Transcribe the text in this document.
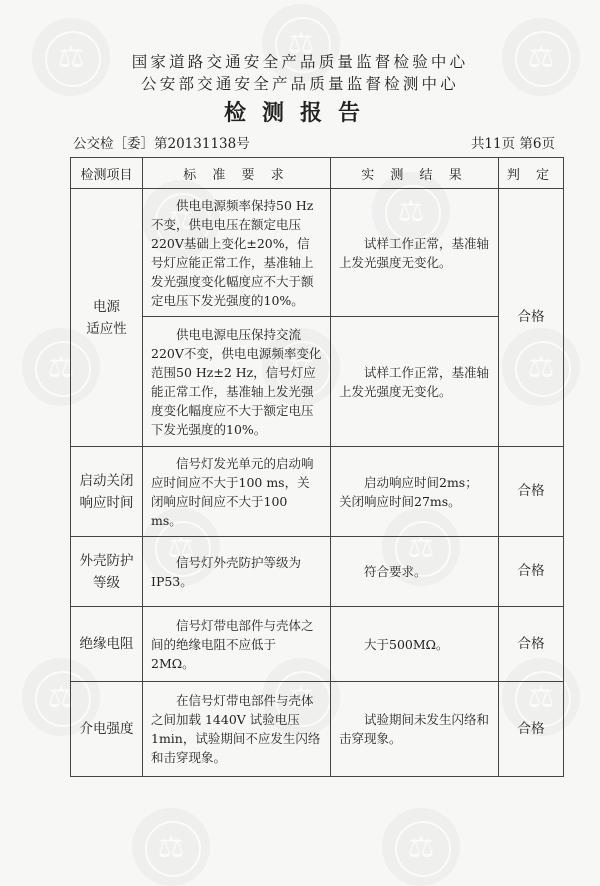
⚖
⚖
⚖
⚖
⚖
⚖
⚖
⚖
⚖
⚖
⚖
⚖
⚖
⚖
⚖
国家道路交通安全产品质量监督检验中心
公安部交通安全产品质量监督检测中心
检测报告
公交检［委］第20131138号	共11页 第6页
检测项目	标 准 要 求	实 测 结 果	判 定
电源
适应性	供电电源频率保持50 Hz不变，供电电压在额定电压220V基础上变化±20%，信号灯应能正常工作，基准轴上发光强度变化幅度应不大于额定电压下发光强度的10%。	试样工作正常，基准轴上发光强度无变化。	合格

	供电电源电压保持交流220V不变，供电电源频率变化范围50 Hz±2 Hz，信号灯应能正常工作，基准轴上发光强度变化幅度应不大于额定电压下发光强度的10%。	试样工作正常，基准轴上发光强度无变化。	

启动关闭
响应时间	信号灯发光单元的启动响应时间应不大于100 ms，关闭响应时间应不大于100 ms。	启动响应时间2ms；关闭响应时间27ms。	合格
外壳防护
等级	信号灯外壳防护等级为IP53。	符合要求。	合格
绝缘电阻	信号灯带电部件与壳体之间的绝缘电阻不应低于 2MΩ。	大于500MΩ。	合格
介电强度	在信号灯带电部件与壳体之间加载 1440V 试验电压1min，试验期间不应发生闪络和击穿现象。	试验期间未发生闪络和击穿现象。	合格
